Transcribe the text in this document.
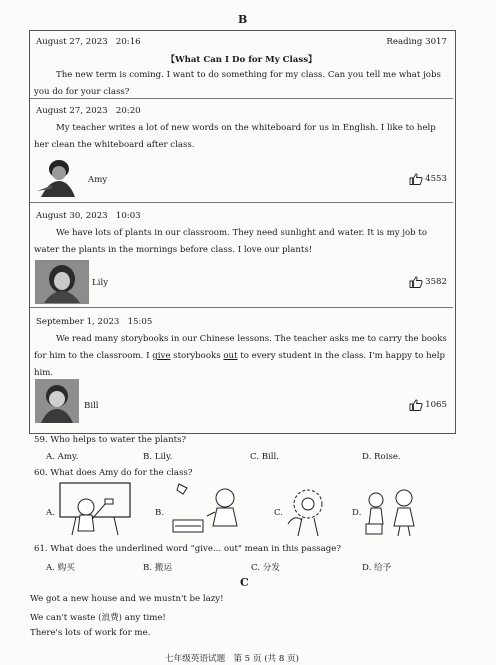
B
August 27, 2023 20:16	Reading 3017
【What Can I Do for My Class】
The new term is coming. I want to do something for my class. Can you tell me what jobs you do for your class?
August 27, 2023 20:20
My teacher writes a lot of new words on the whiteboard for us in English. I like to help her clean the whiteboard after class.
Amy	4553
August 30, 2023 10:03
We have lots of plants in our classroom. They need sunlight and water. It is my job to water the plants in the mornings before class. I love our plants!
Lily	3582
September 1, 2023 15:05
We read many storybooks in our Chinese lessons. The teacher asks me to carry the books for him to the classroom. I give storybooks out to every student in the class. I'm happy to help him.
Bill	1065
59. Who helps to water the plants?
A. Amy.	B. Lily.	C. Bill.	D. Roise.
60. What does Amy do for the class?
A.	B.	C.	D.
61. What does the underlined word "give... out" mean in this passage?
A. 购买	B. 搬运	C. 分发	D. 给予
C
We got a new house and we mustn't be lazy!
We can't waste (浪费) any time!
There's lots of work for me.
七年级英语试题   第 5 页 (共 8 页)
